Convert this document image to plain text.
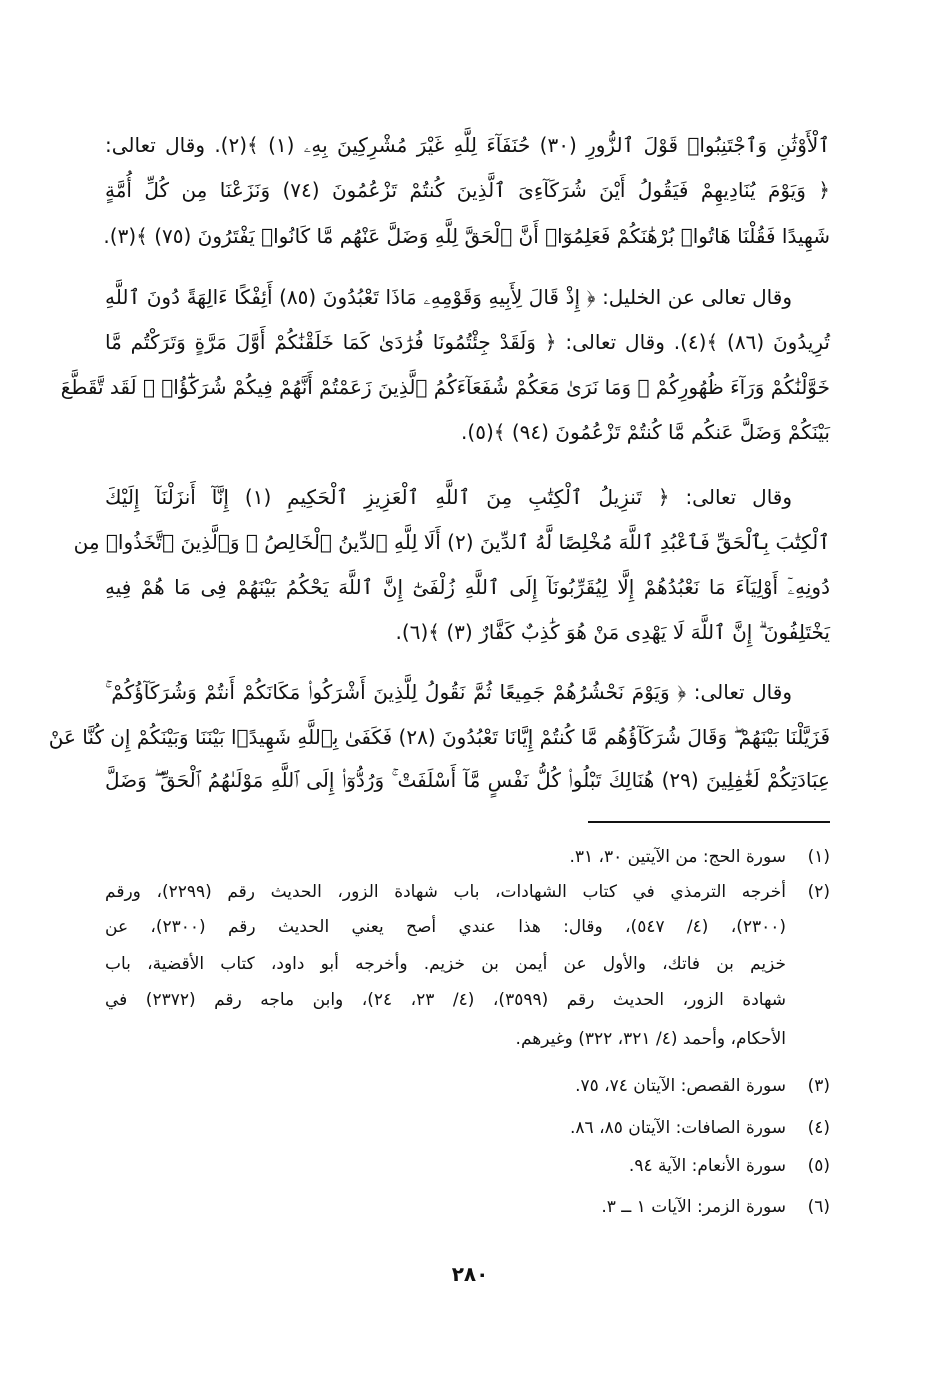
ٱلْأَوْثَٰنِ وَٱجْتَنِبُوا۟ قَوْلَ ٱلزُّورِ (٣٠) حُنَفَآءَ لِلَّهِ غَيْرَ مُشْرِكِينَ بِهِۦ (١) ﴾(٢). وقال تعالى:
﴿ وَيَوْمَ يُنَادِيهِمْ فَيَقُولُ أَيْنَ شُرَكَآءِىَ ٱلَّذِينَ كُنتُمْ تَزْعُمُونَ (٧٤) وَنَزَعْنَا مِن كُلِّ أُمَّةٍ
شَهِيدًا فَقُلْنَا هَاتُوا۟ بُرْهَٰنَكُمْ فَعَلِمُوٓا۟ أَنَّ ٱلْحَقَّ لِلَّهِ وَضَلَّ عَنْهُم مَّا كَانُوا۟ يَفْتَرُونَ (٧٥) ﴾(٣).
وقال تعالى عن الخليل: ﴿ إِذْ قَالَ لِأَبِيهِ وَقَوْمِهِۦ مَاذَا تَعْبُدُونَ (٨٥) أَئِفْكًا ءَالِهَةً دُونَ ٱللَّهِ
تُرِيدُونَ (٨٦) ﴾(٤). وقال تعالى: ﴿ وَلَقَدْ جِئْتُمُونَا فُرَٰدَىٰ كَمَا خَلَقْنَٰكُمْ أَوَّلَ مَرَّةٍ وَتَرَكْتُم مَّا
خَوَّلْنَٰكُمْ وَرَآءَ ظُهُورِكُمْ ۖ وَمَا نَرَىٰ مَعَكُمْ شُفَعَآءَكُمُ ٱلَّذِينَ زَعَمْتُمْ أَنَّهُمْ فِيكُمْ شُرَكَٰٓؤُا۟ ۚ لَقَد تَّقَطَّعَ
بَيْنَكُمْ وَضَلَّ عَنكُم مَّا كُنتُمْ تَزْعُمُونَ (٩٤) ﴾(٥).
وقال تعالى: ﴿ تَنزِيلُ ٱلْكِتَٰبِ مِنَ ٱللَّهِ ٱلْعَزِيزِ ٱلْحَكِيمِ (١) إِنَّآ أَنزَلْنَآ إِلَيْكَ
ٱلْكِتَٰبَ بِٱلْحَقِّ فَٱعْبُدِ ٱللَّهَ مُخْلِصًا لَّهُ ٱلدِّينَ (٢) أَلَا لِلَّهِ ٱلدِّينُ ٱلْخَالِصُ ۚ وَٱلَّذِينَ ٱتَّخَذُوا۟ مِن
دُونِهِۦٓ أَوْلِيَآءَ مَا نَعْبُدُهُمْ إِلَّا لِيُقَرِّبُونَآ إِلَى ٱللَّهِ زُلْفَىٰٓ إِنَّ ٱللَّهَ يَحْكُمُ بَيْنَهُمْ فِى مَا هُمْ فِيهِ
يَخْتَلِفُونَ ۗ إِنَّ ٱللَّهَ لَا يَهْدِى مَنْ هُوَ كَٰذِبٌ كَفَّارٌ (٣) ﴾(٦).
وقال تعالى: ﴿ وَيَوْمَ نَحْشُرُهُمْ جَمِيعًا ثُمَّ نَقُولُ لِلَّذِينَ أَشْرَكُوا۟ مَكَانَكُمْ أَنتُمْ وَشُرَكَآؤُكُمْ ۚ
فَزَيَّلْنَا بَيْنَهُمْ ۖ وَقَالَ شُرَكَآؤُهُم مَّا كُنتُمْ إِيَّانَا تَعْبُدُونَ (٢٨) فَكَفَىٰ بِٱللَّهِ شَهِيدًۢا بَيْنَنَا وَبَيْنَكُمْ إِن كُنَّا عَنْ
عِبَادَتِكُمْ لَغَٰفِلِينَ (٢٩) هُنَالِكَ تَبْلُوا۟ كُلُّ نَفْسٍ مَّآ أَسْلَفَتْ ۚ وَرُدُّوٓا۟ إِلَى ٱللَّهِ مَوْلَىٰهُمُ ٱلْحَقِّ ۖ وَضَلَّ
(١)
سورة الحج: من الآيتين ٣٠، ٣١.
(٢)
أخرجه الترمذي في كتاب الشهادات، باب شهادة الزور، الحديث رقم (٢٢٩٩)، ورقم
(٢٣٠٠)، (٤/ ٥٤٧)، وقال: هذا عندي أصح يعني الحديث رقم (٢٣٠٠)، عن
خزيم بن فاتك، والأول عن أيمن بن خزيم. وأخرجه أبو داود، كتاب الأقضية، باب
شهادة الزور، الحديث رقم (٣٥٩٩)، (٤/ ٢٣، ٢٤)، وابن ماجه رقم (٢٣٧٢) في
الأحكام، وأحمد (٤/ ٣٢١، ٣٢٢) وغيرهم.
(٣)
سورة القصص: الآيتان ٧٤، ٧٥.
(٤)
سورة الصافات: الآيتان ٨٥، ٨٦.
(٥)
سورة الأنعام: الآية ٩٤.
(٦)
سورة الزمر: الآيات ١ ــ ٣.
٢٨٠
